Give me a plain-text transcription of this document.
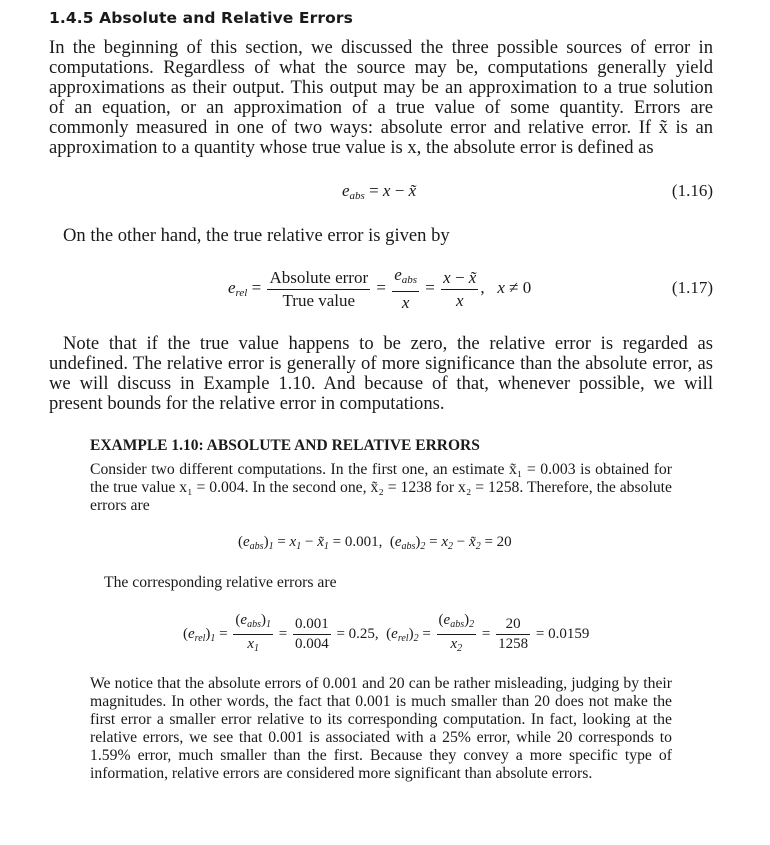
1.4.5 Absolute and Relative Errors
In the beginning of this section, we discussed the three possible sources of error in computations. Regardless of what the source may be, computations generally yield approximations as their output. This output may be an approximation to a true solution of an equation, or an approximation of a true value of some quantity. Errors are commonly measured in one of two ways: absolute error and relative error. If x̃ is an approximation to a quantity whose true value is x, the absolute error is defined as
$e_{abs} = x$ − x̃	(1.16)
On the other hand, the true relative error is given by
$e_{rel} = \frac{\text{Absolute error}}{\text{True value}} = \frac{e_{abs}}{x} = \frac{x - x̃}{x}$ ,   x ≠ 0	(1.17)
Note that if the true value happens to be zero, the relative error is regarded as undefined. The relative error is generally of more significance than the absolute error, as we will discuss in Example 1.10. And because of that, whenever possible, we will present bounds for the relative error in computations.
EXAMPLE 1.10: ABSOLUTE AND RELATIVE ERRORS
Consider two different computations. In the first one, an estimate x̃₁ = 0.003 is obtained for the true value x₁ = 0.004. In the second one, x̃₂ = 1238 for x₂ = 1258. Therefore, the absolute errors are
$(e_{abs})_1 = x_1$ − $x̃_1 = 0.001$,  $(e_{abs})_2 = x_2$ − $x̃_2 = 20$
The corresponding relative errors are
$(e_{rel})_1 = \frac{(e_{abs})_1}{x_1} = \frac{0.001}{0.004} = 0.25$,  $(e_{rel})_2 = \frac{(e_{abs})_2}{x_2} = \frac{20}{1258} = 0.0159$
We notice that the absolute errors of 0.001 and 20 can be rather misleading, judging by their magnitudes. In other words, the fact that 0.001 is much smaller than 20 does not make the first error a smaller error relative to its corresponding computation. In fact, looking at the relative errors, we see that 0.001 is associated with a 25% error, while 20 corresponds to 1.59% error, much smaller than the first. Because they convey a more specific type of information, relative errors are considered more significant than absolute errors.
